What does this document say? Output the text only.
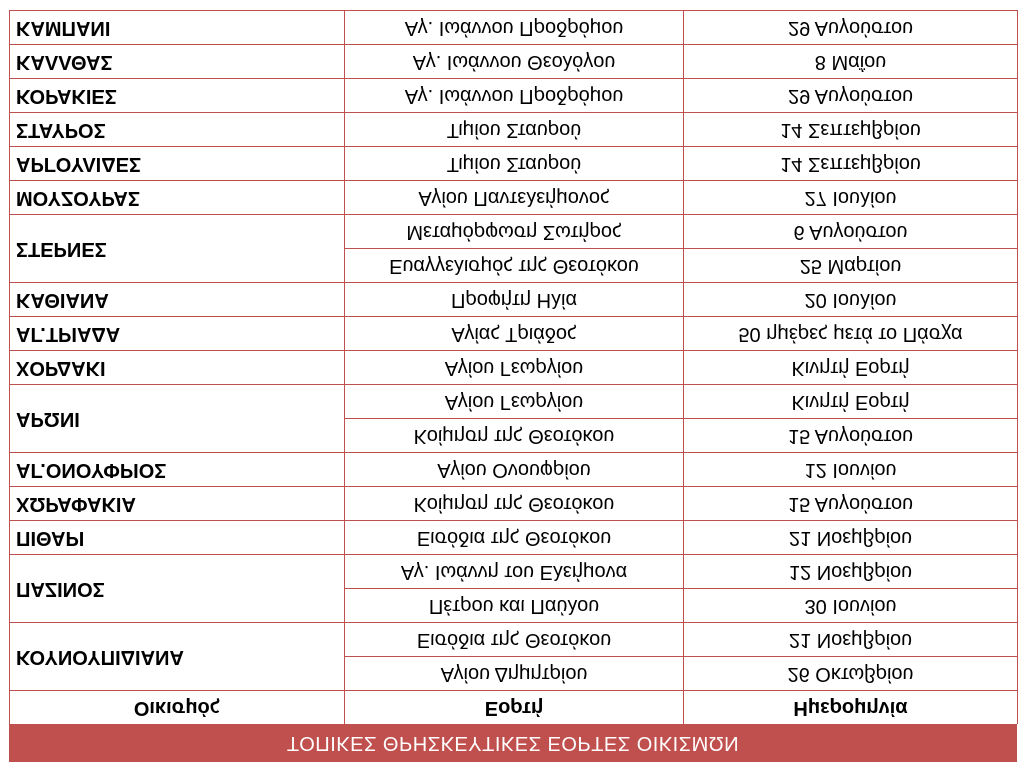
ΤΟΠΙΚΕΣ ΘΡΗΣΚΕΥΤΙΚΕΣ ΕΟΡΤΕΣ ΟΙΚΙΣΜΩΝ
Οικισμός	Εορτή	Ημερομηνία
ΚΟΥΝΟΥΠΙΔΙΑΝΑ	Αγίου Δημητρίου	26 Οκτωβρίου
	Εισόδια της Θεοτόκου	21 Νοεμβρίου
ΠΑΖΙΝΟΣ	Πέτρου και Παύλου	30 Ιουνίου
	Αγ. Ιωάννη του Ελεήμονα	12 Νοεμβρίου
ΠΙΘΑΡΙ	Εισόδια της Θεοτόκου	21 Νοεμβρίου
ΧΩΡΑΦΑΚΙΑ	Κοίμηση της Θεοτόκου	15 Αυγούστου
ΑΓ.ΟΝΟΥΦΡΙΟΣ	Αγίου Ονουφρίου	12 Ιουνίου
ΑΡΩΝΙ	Κοίμηση της Θεοτόκου	15 Αυγούστου
	Αγίου Γεωργίου	Κινητή Εορτή
ΧΟΡΔΑΚΙ	Αγίου Γεωργίου	Κινητή Εορτή
ΑΓ.ΤΡΙΑΔΑ	Αγίας Τριάδος	50 ημέρες μετά το Πάσχα
ΚΑΘΙΑΝΑ	Προφήτη Ηλία	20 Ιουλίου
ΣΤΕΡΝΕΣ	Ευαγγελισμός της Θεοτόκου	25 Μαρτίου
	Μεταμόρφωση Σωτήρος	6 Αυγούστου
ΜΟΥΖΟΥΡΑΣ	Αγίου Παντελεήμονος	27 Ιουλίου
ΑΡΓΟΥΛΙΔΕΣ	Τιμίου Σταυρού	14 Σεπτεμβρίου
ΣΤΑΥΡΟΣ	Τιμίου Σταυρού	14 Σεπτεμβρίου
ΚΟΡΑΚΙΕΣ	Αγ. Ιωάννου Προδρόμου	29 Αυγούστου
ΚΑΛΛΘΑΣ	Αγ. Ιωάννου Θεολόγου	8 Μαΐου
ΚΑΜΠΑΝΙ	Αγ. Ιωάννου Προδρόμου	29 Αυγούστου
